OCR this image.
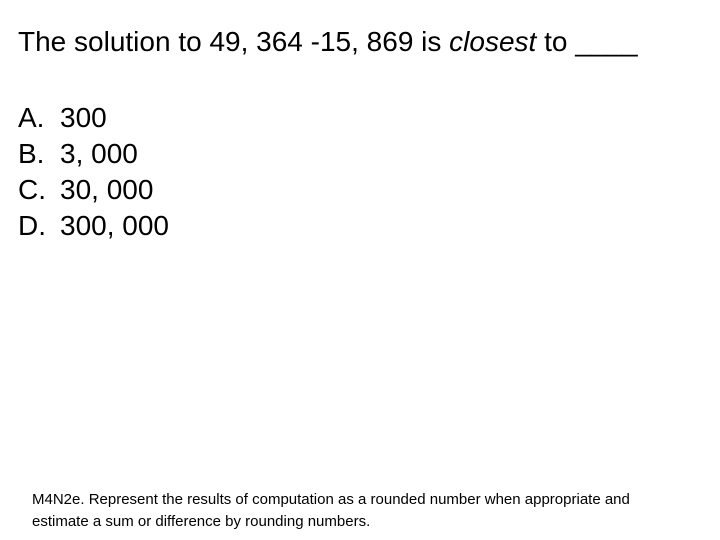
The solution to 49, 364 -15, 869 is closest to ____
A. 300
B. 3, 000
C. 30, 000
D. 300, 000
M4N2e. Represent the results of computation as a rounded number when appropriate and
estimate a sum or difference by rounding numbers.
